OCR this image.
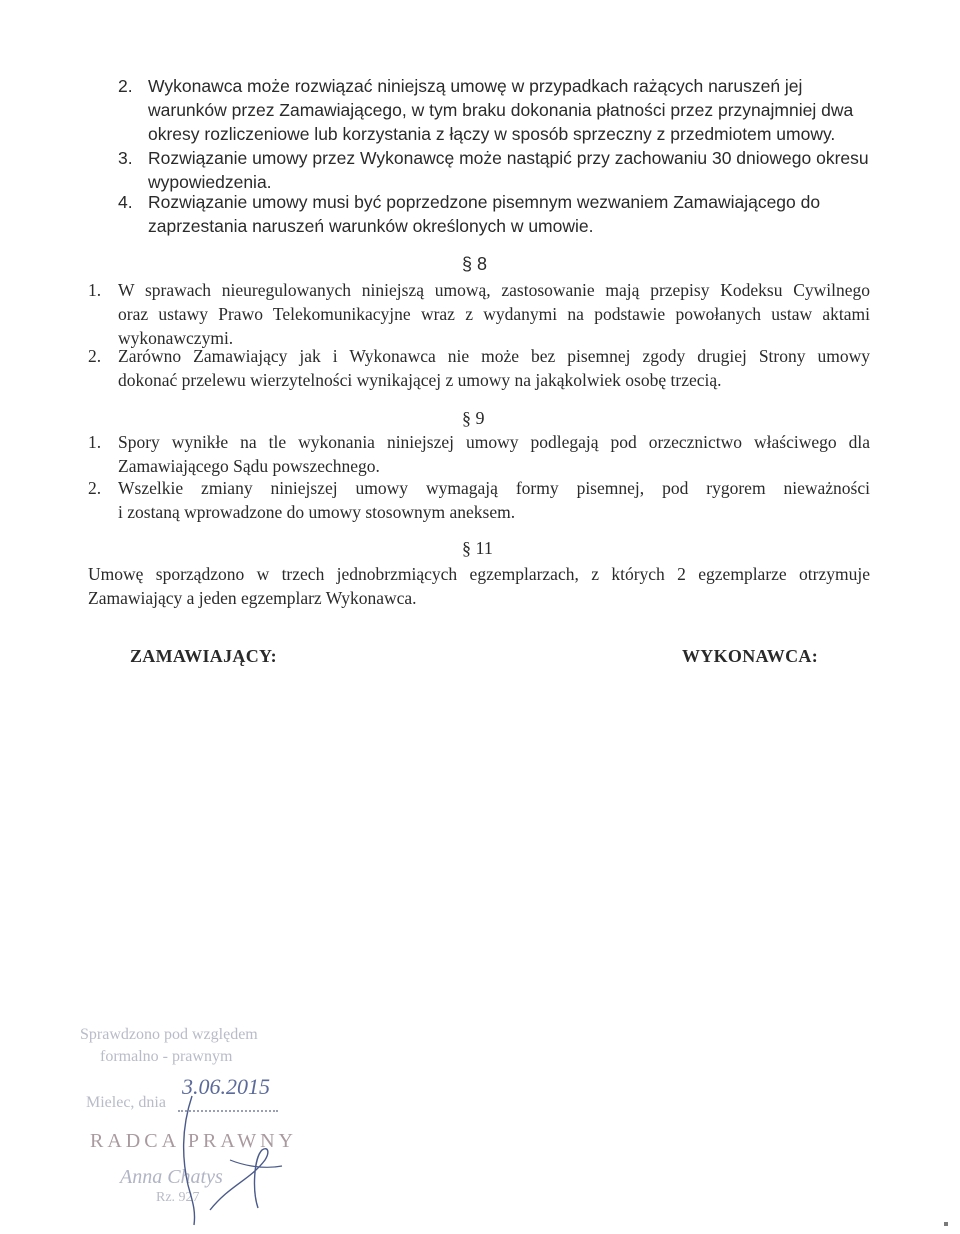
2. Wykonawca może rozwiązać niniejszą umowę w przypadkach rażących naruszeń jej
warunków przez Zamawiającego, w tym braku dokonania płatności przez przynajmniej dwa
okresy rozliczeniowe lub korzystania z łączy w sposób sprzeczny z przedmiotem umowy.
3. Rozwiązanie umowy przez Wykonawcę może nastąpić przy zachowaniu 30 dniowego okresu
wypowiedzenia.
4. Rozwiązanie umowy musi być poprzedzone pisemnym wezwaniem Zamawiającego do
zaprzestania naruszeń warunków określonych w umowie.
§ 8
1. W sprawach nieuregulowanych niniejszą umową, zastosowanie mają przepisy Kodeksu Cywilnego
oraz ustawy Prawo Telekomunikacyjne wraz z wydanymi na podstawie powołanych ustaw aktami
wykonawczymi.
2. Zarówno Zamawiający jak i Wykonawca nie może bez pisemnej zgody drugiej Strony umowy
dokonać przelewu wierzytelności wynikającej z umowy na jakąkolwiek osobę trzecią.
§ 9
1. Spory wynikłe na tle wykonania niniejszej umowy podlegają pod orzecznictwo właściwego dla
Zamawiającego Sądu powszechnego.
2. Wszelkie zmiany niniejszej umowy wymagają formy pisemnej, pod rygorem nieważności
i zostaną wprowadzone do umowy stosownym aneksem.
§ 11
Umowę sporządzono w trzech jednobrzmiących egzemplarzach, z których 2 egzemplarze otrzymuje
Zamawiający a jeden egzemplarz Wykonawca.
ZAMAWIAJĄCY:	WYKONAWCA:
Sprawdzono pod względem
formalno - prawnym
Mielec, dnia
RADCA PRAWNY
Anna Chatys
Rz. 927
3.06.2015
